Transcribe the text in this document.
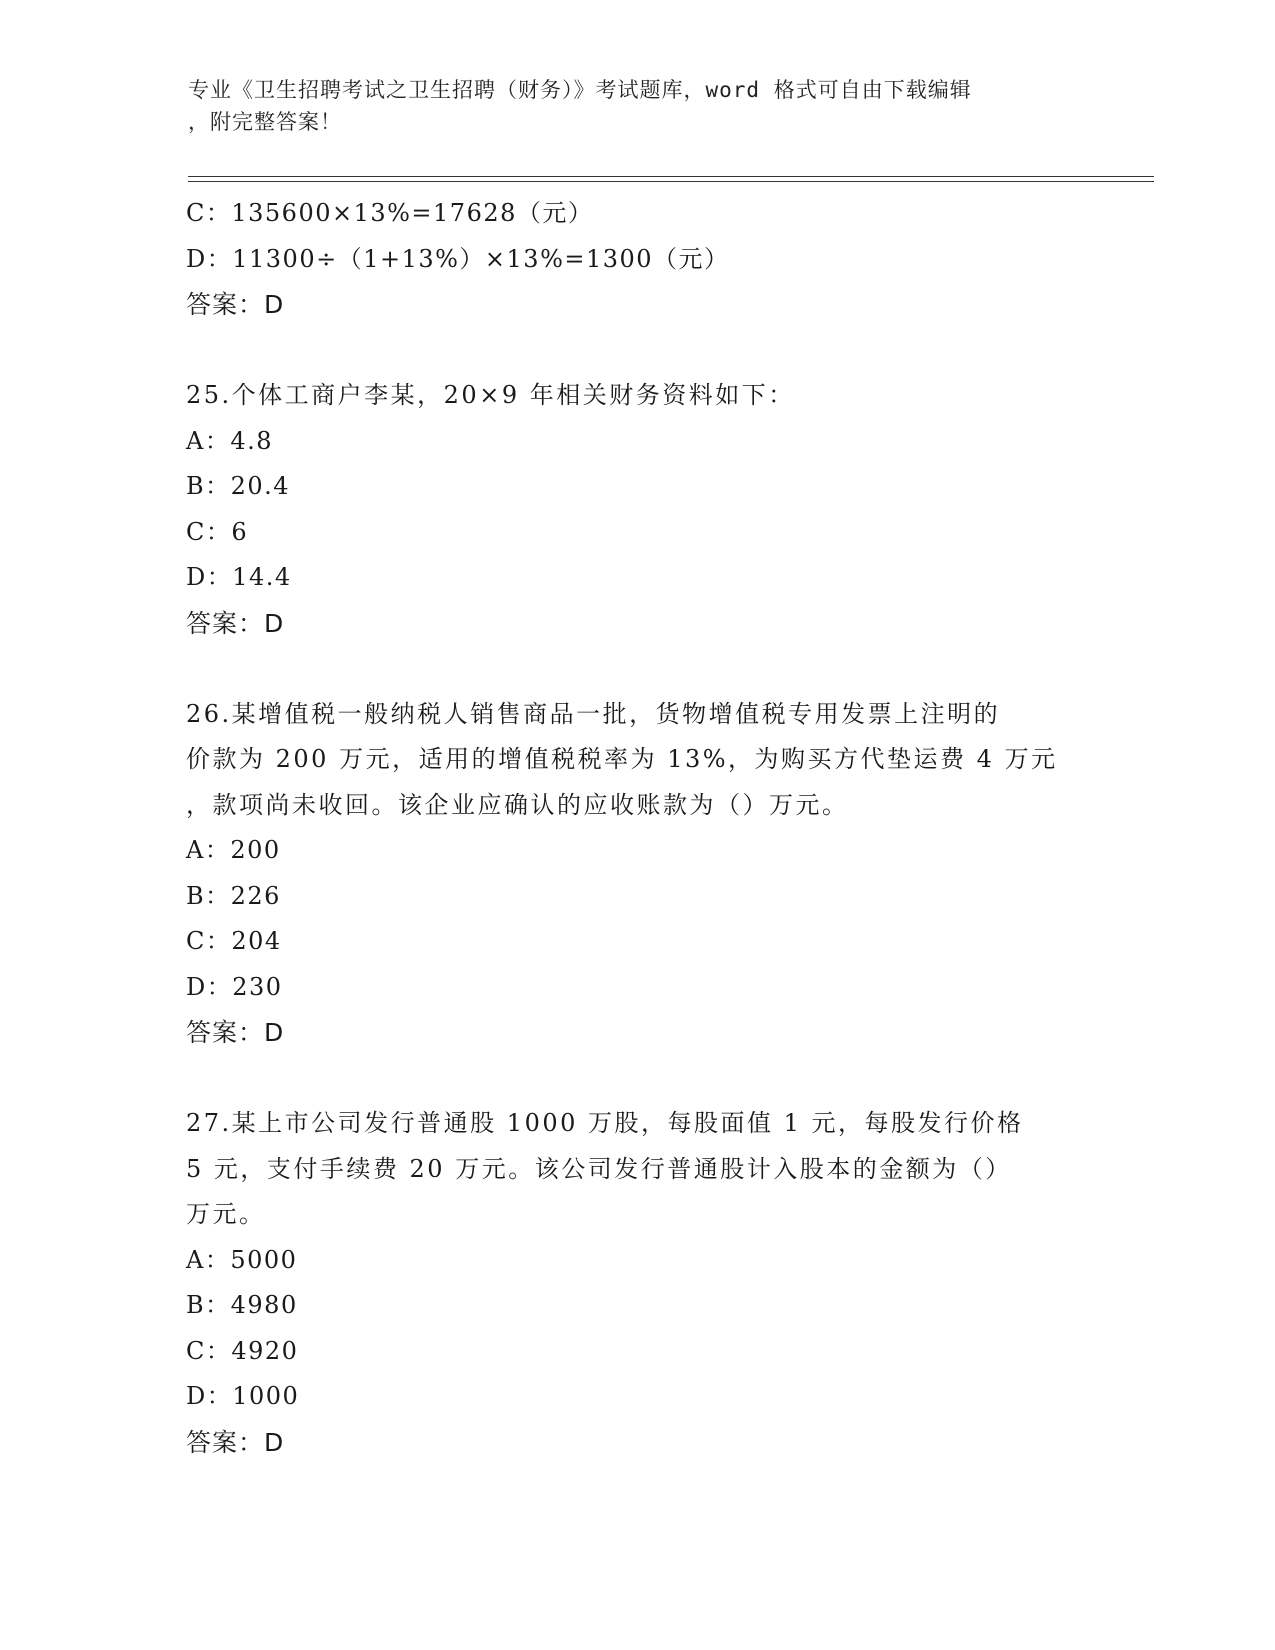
专业《卫生招聘考试之卫生招聘（财务）》考试题库，word 格式可自由下载编辑
，附完整答案！
C：135600×13%=17628（元）
D：11300÷（1+13%）×13%=1300（元）
答案：D
25.个体工商户李某，20×9 年相关财务资料如下：
A：4.8
B：20.4
C：6
D：14.4
答案：D
26.某增值税一般纳税人销售商品一批，货物增值税专用发票上注明的
价款为 200 万元，适用的增值税税率为 13%，为购买方代垫运费 4 万元
，款项尚未收回。该企业应确认的应收账款为（）万元。
A：200
B：226
C：204
D：230
答案：D
27.某上市公司发行普通股 1000 万股，每股面值 1 元，每股发行价格
5 元，支付手续费 20 万元。该公司发行普通股计入股本的金额为（）
万元。
A：5000
B：4980
C：4920
D：1000
答案：D
